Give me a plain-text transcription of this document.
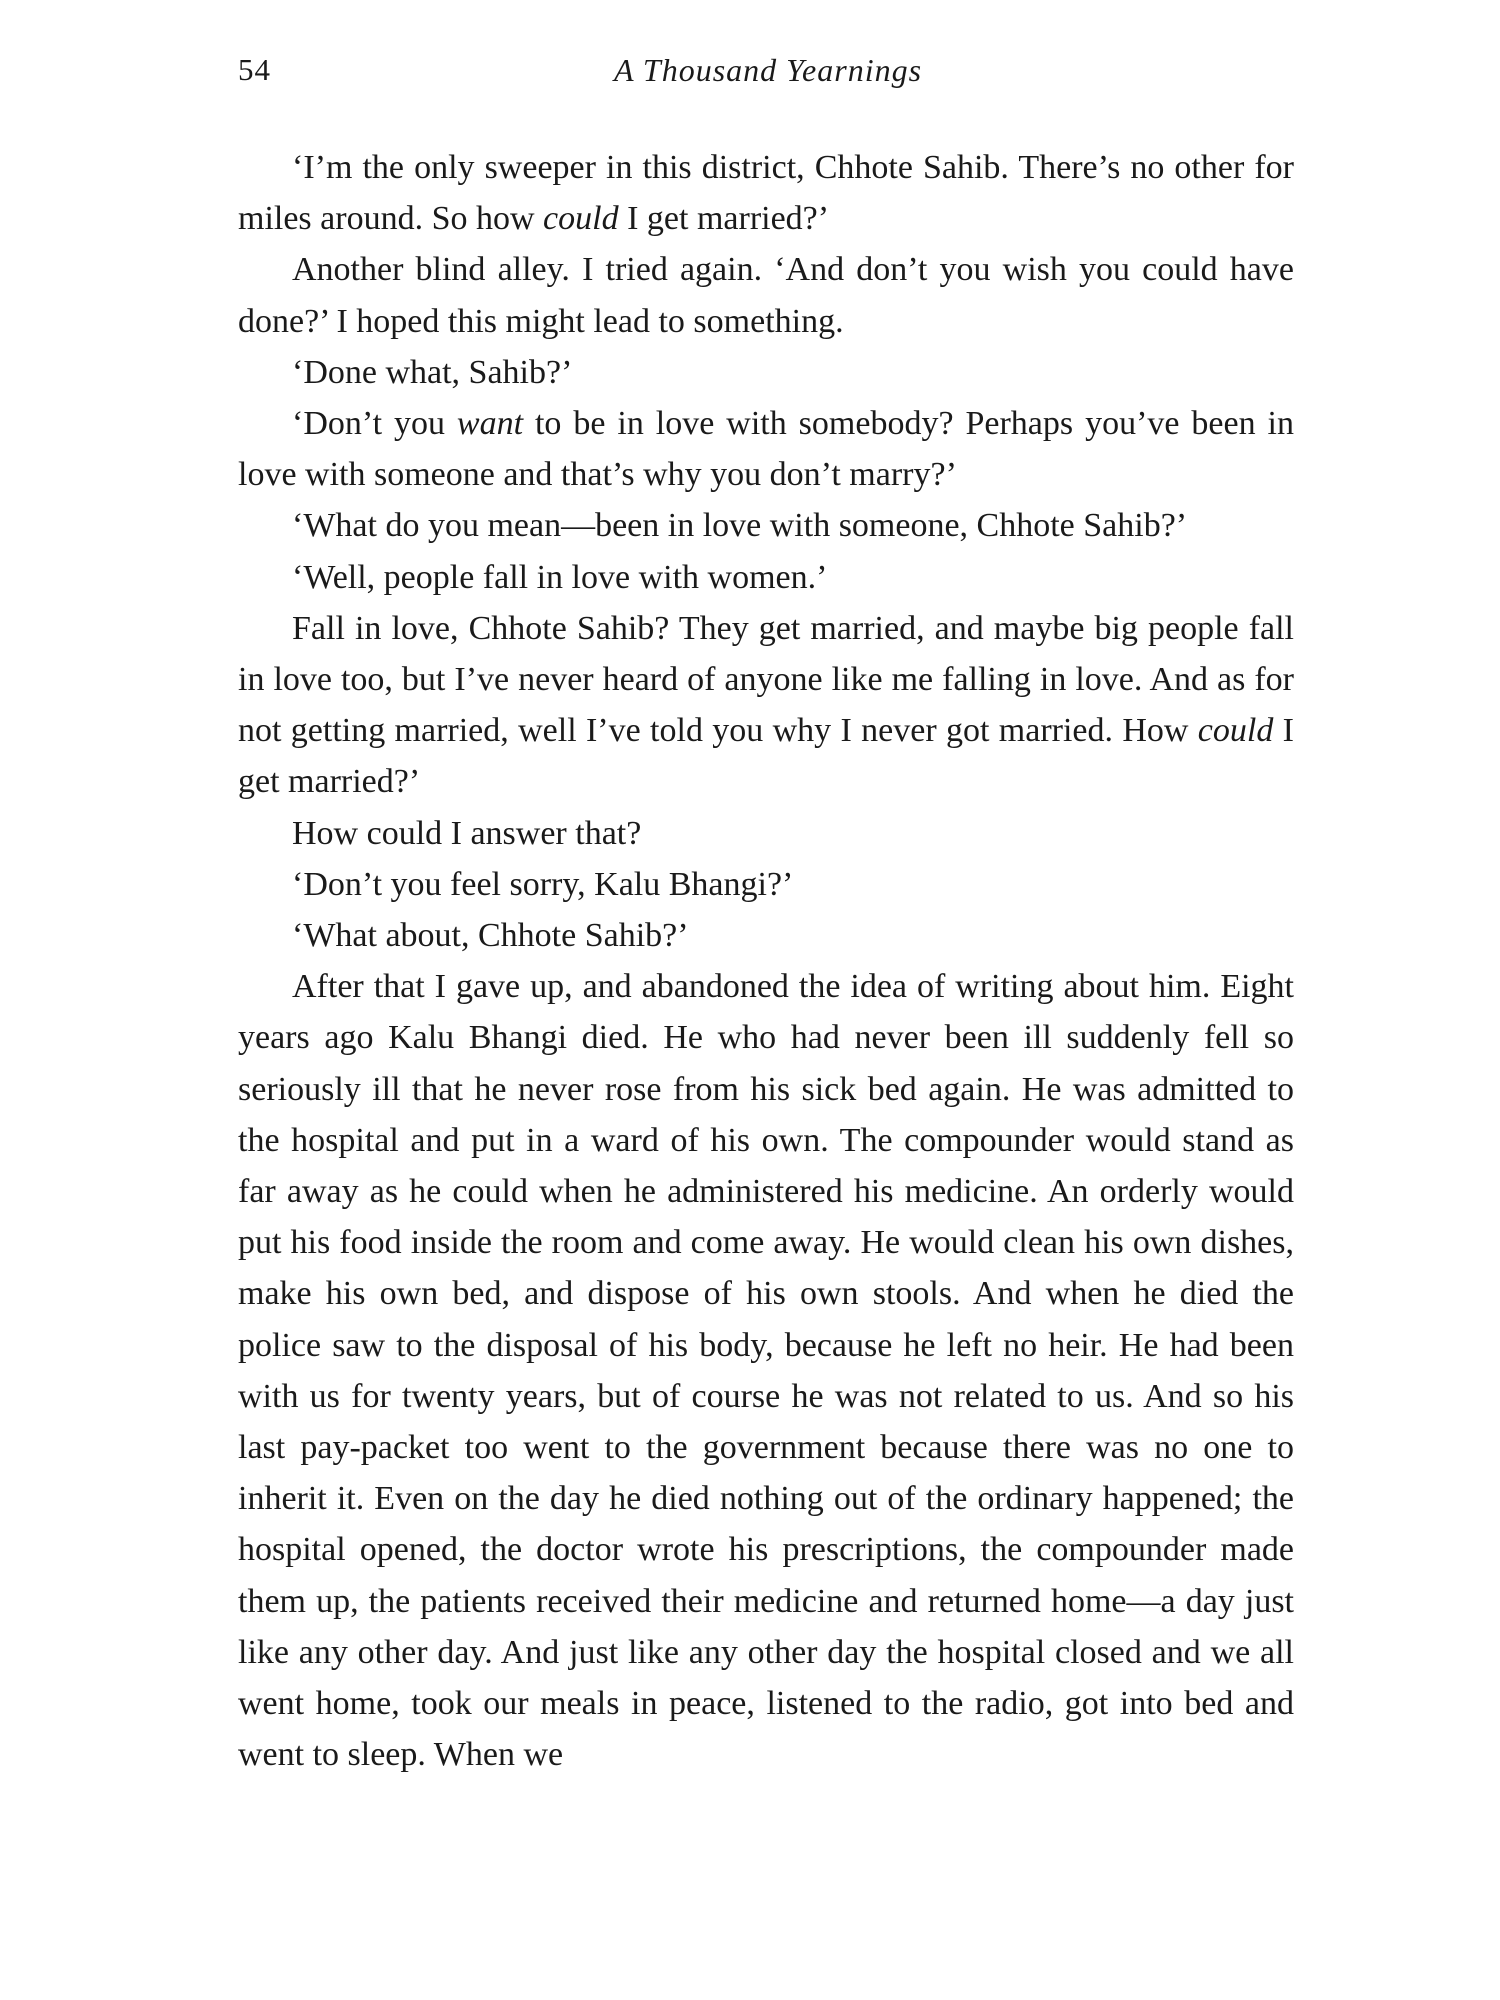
54	A Thousand Yearnings

‘I’m the only sweeper in this district, Chhote Sahib. There’s no other for miles around. So how could I get married?’

Another blind alley. I tried again. ‘And don’t you wish you could have done?’ I hoped this might lead to something.

‘Done what, Sahib?’

‘Don’t you want to be in love with somebody? Perhaps you’ve been in love with someone and that’s why you don’t marry?’

‘What do you mean—been in love with someone, Chhote Sahib?’

‘Well, people fall in love with women.’

Fall in love, Chhote Sahib? They get married, and maybe big people fall in love too, but I’ve never heard of anyone like me falling in love. And as for not getting married, well I’ve told you why I never got married. How could I get married?’

How could I answer that?

‘Don’t you feel sorry, Kalu Bhangi?’

‘What about, Chhote Sahib?’

After that I gave up, and abandoned the idea of writing about him. Eight years ago Kalu Bhangi died. He who had never been ill suddenly fell so seriously ill that he never rose from his sick bed again. He was admitted to the hospital and put in a ward of his own. The compounder would stand as far away as he could when he administered his medicine. An orderly would put his food inside the room and come away. He would clean his own dishes, make his own bed, and dispose of his own stools. And when he died the police saw to the disposal of his body, because he left no heir. He had been with us for twenty years, but of course he was not related to us. And so his last pay-packet too went to the government because there was no one to inherit it. Even on the day he died nothing out of the ordinary happened; the hospital opened, the doctor wrote his prescriptions, the compounder made them up, the patients received their medicine and returned home—a day just like any other day. And just like any other day the hospital closed and we all went home, took our meals in peace, listened to the radio, got into bed and went to sleep. When we
